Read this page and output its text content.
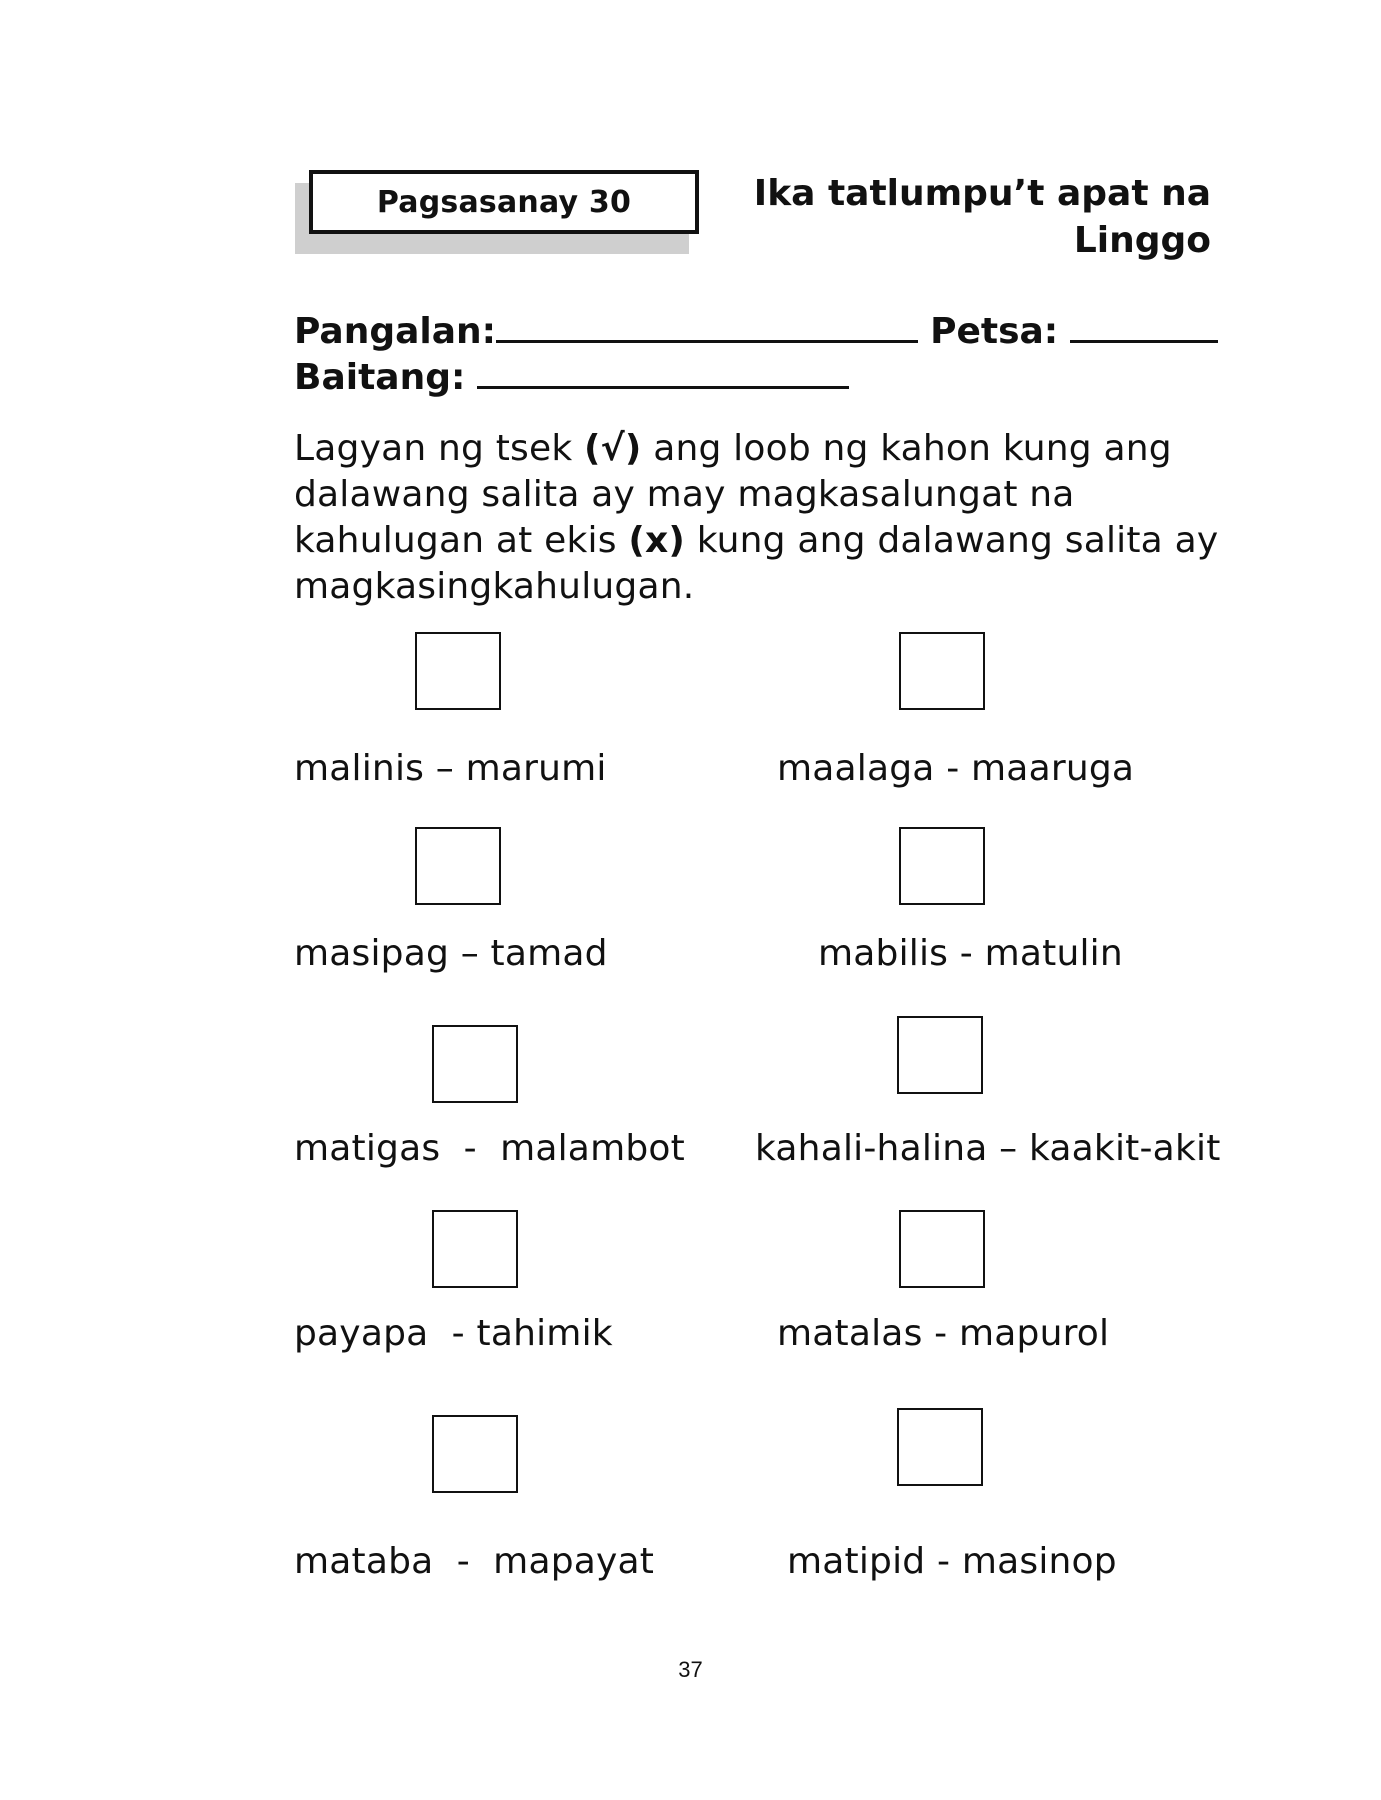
Pagsasanay 30	Ika tatlumpu’t apat na
Linggo
Pangalan:	Petsa:
Baitang:
Lagyan ng tsek (√) ang loob ng kahon kung ang dalawang salita ay may magkasalungat na kahulugan at ekis (x) kung ang dalawang salita ay magkasingkahulugan.
malinis – marumi
masipag – tamad
matigas  -  malambot
payapa  - tahimik
mataba  -  mapayat
maalaga - maaruga
mabilis - matulin
kahali-halina – kaakit-akit
matalas - mapurol
matipid - masinop
37
